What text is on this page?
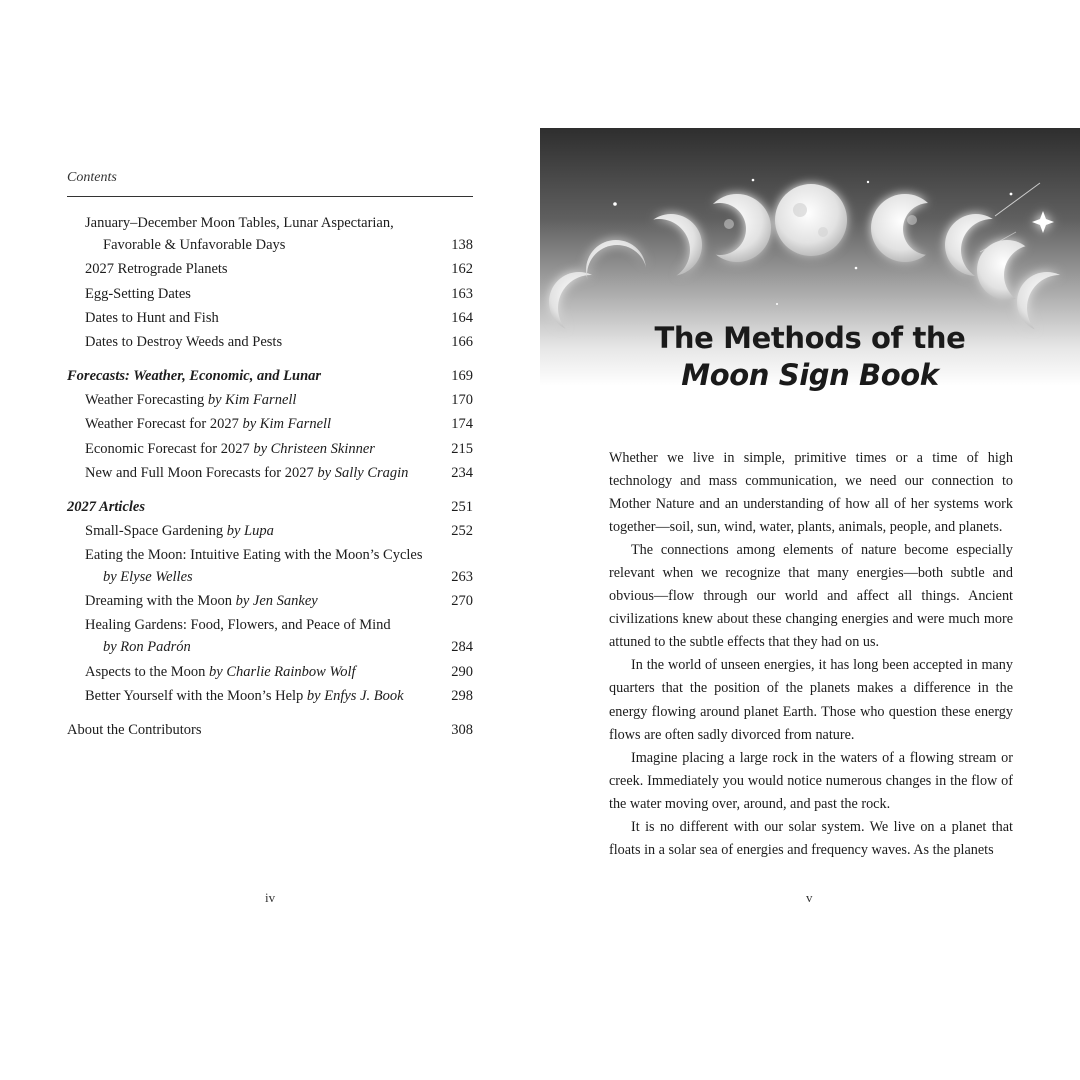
Contents
January–December Moon Tables, Lunar Aspectarian,
Favorable & Unfavorable Days	138
2027 Retrograde Planets	162
Egg-Setting Dates	163
Dates to Hunt and Fish	164
Dates to Destroy Weeds and Pests	166
Forecasts: Weather, Economic, and Lunar	169
Weather Forecasting by Kim Farnell	170
Weather Forecast for 2027 by Kim Farnell	174
Economic Forecast for 2027 by Christeen Skinner	215
New and Full Moon Forecasts for 2027 by Sally Cragin	234
2027 Articles	251
Small-Space Gardening by Lupa	252
Eating the Moon: Intuitive Eating with the Moon’s Cycles
by Elyse Welles	263
Dreaming with the Moon by Jen Sankey	270
Healing Gardens: Food, Flowers, and Peace of Mind
by Ron Padrón	284
Aspects to the Moon by Charlie Rainbow Wolf	290
Better Yourself with the Moon’s Help by Enfys J. Book	298
About the Contributors	308
iv
The Methods of the
Moon Sign Book

Whether we live in simple, primitive times or a time of high technology and mass communication, we need our connection to Mother Nature and an understanding of how all of her systems work together—soil, sun, wind, water, plants, animals, people, and planets.

The connections among elements of nature become especially relevant when we recognize that many energies—both subtle and obvious—flow through our world and affect all things. Ancient civilizations knew about these changing energies and were much more attuned to the subtle effects that they had on us.

In the world of unseen energies, it has long been accepted in many quarters that the position of the planets makes a difference in the energy flowing around planet Earth. Those who question these energy flows are often sadly divorced from nature.

Imagine placing a large rock in the waters of a flowing stream or creek. Immediately you would notice numerous changes in the flow of the water moving over, around, and past the rock.

It is no different with our solar system. We live on a planet that floats in a solar sea of energies and frequency waves. As the planets

v
